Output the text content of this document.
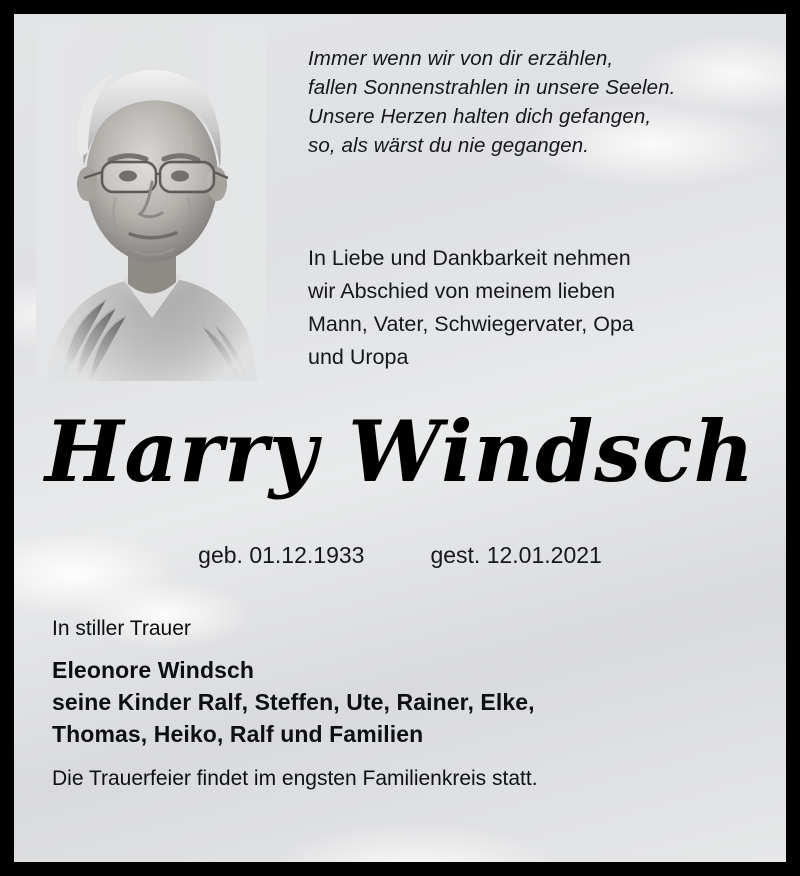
Immer wenn wir von dir erzählen,
fallen Sonnenstrahlen in unsere Seelen.
Unsere Herzen halten dich gefangen,
so, als wärst du nie gegangen.
In Liebe und Dankbarkeit nehmen
wir Abschied von meinem lieben
Mann, Vater, Schwiegervater, Opa
und Uropa
Harry Windsch
geb. 01.12.1933	gest. 12.01.2021
In stiller Trauer
Eleonore Windsch
seine Kinder Ralf, Steffen, Ute, Rainer, Elke,
Thomas, Heiko, Ralf und Familien
Die Trauerfeier findet im engsten Familienkreis statt.
